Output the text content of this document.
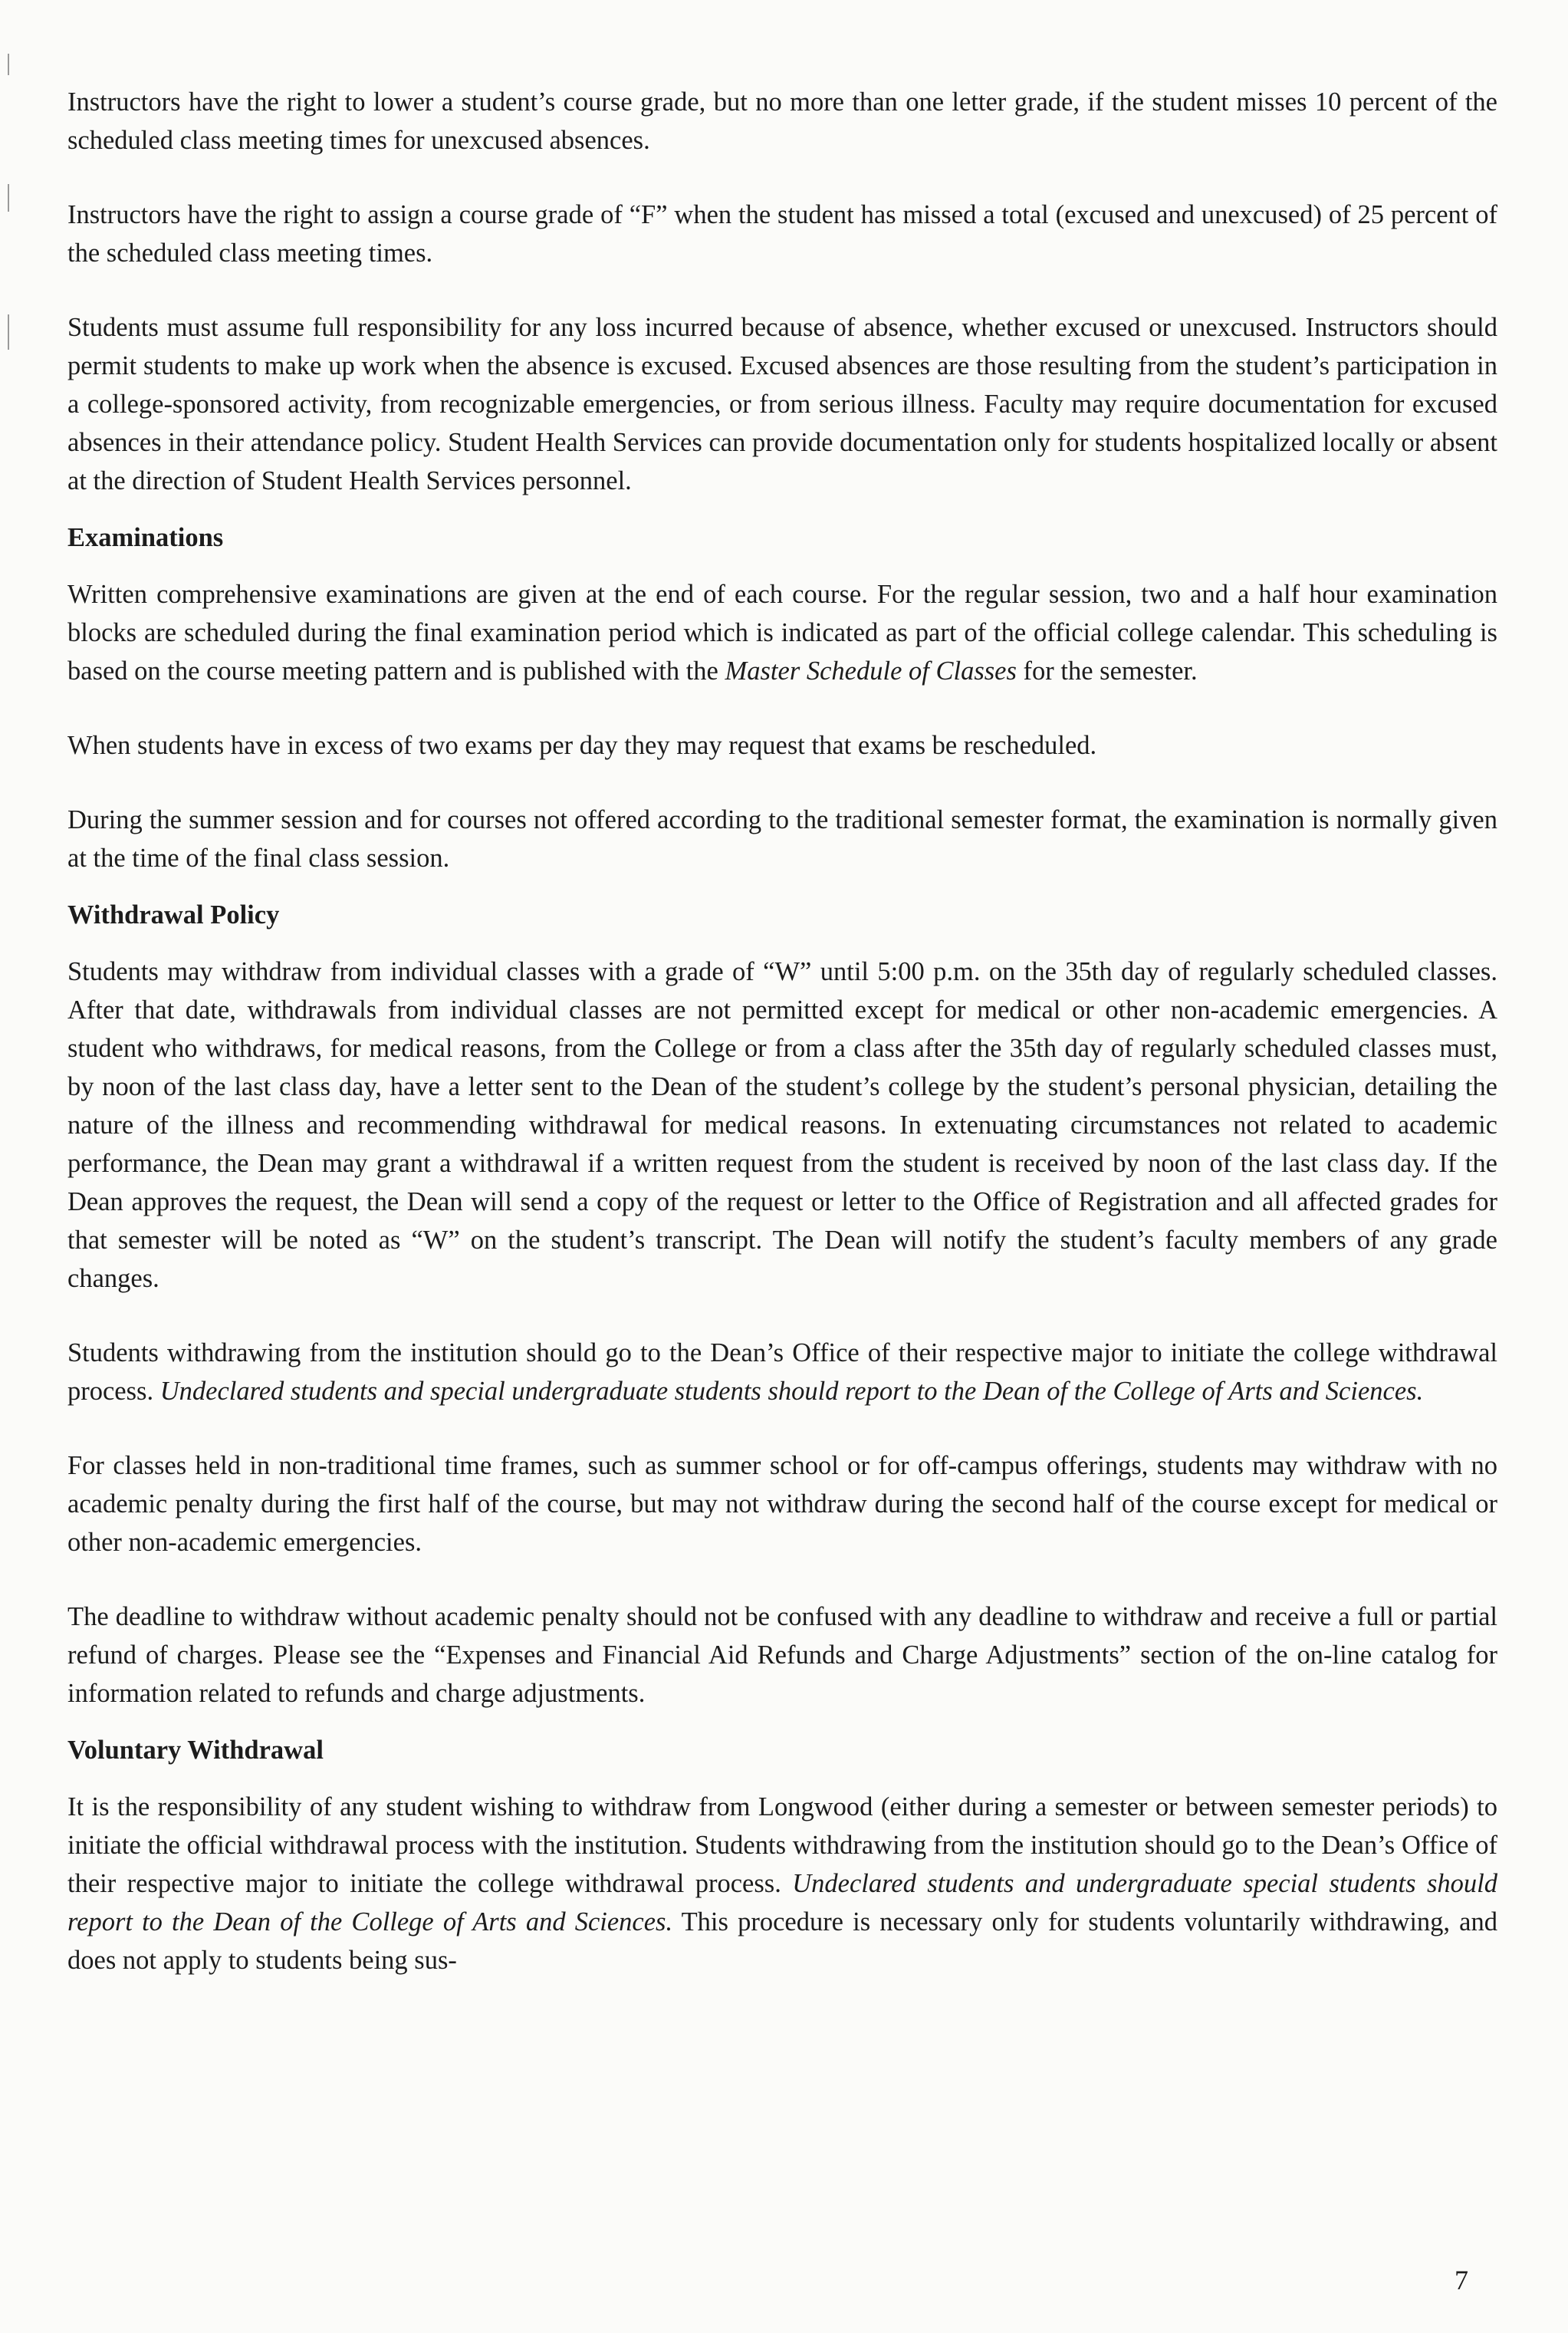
Instructors have the right to lower a student’s course grade, but no more than one letter grade, if the student misses 10 percent of the scheduled class meeting times for unexcused absences.

Instructors have the right to assign a course grade of “F” when the student has missed a total (excused and unexcused) of 25 percent of the scheduled class meeting times.

Students must assume full responsibility for any loss incurred because of absence, whether excused or unexcused. Instructors should permit students to make up work when the absence is excused. Excused absences are those resulting from the student’s participation in a college-sponsored activity, from recognizable emergencies, or from serious illness. Faculty may require documentation for excused absences in their attendance policy. Student Health Services can provide documentation only for students hospitalized locally or absent at the direction of Student Health Services personnel.

Examinations

Written comprehensive examinations are given at the end of each course. For the regular session, two and a half hour examination blocks are scheduled during the final examination period which is indicated as part of the official college calendar. This scheduling is based on the course meeting pattern and is published with the Master Schedule of Classes for the semester.

When students have in excess of two exams per day they may request that exams be rescheduled.

During the summer session and for courses not offered according to the traditional semester format, the examination is normally given at the time of the final class session.

Withdrawal Policy

Students may withdraw from individual classes with a grade of “W” until 5:00 p.m. on the 35th day of regularly scheduled classes. After that date, withdrawals from individual classes are not permitted except for medical or other non-academic emergencies. A student who withdraws, for medical reasons, from the College or from a class after the 35th day of regularly scheduled classes must, by noon of the last class day, have a letter sent to the Dean of the student’s college by the student’s personal physician, detailing the nature of the illness and recommending withdrawal for medical reasons. In extenuating circumstances not related to academic performance, the Dean may grant a withdrawal if a written request from the student is received by noon of the last class day. If the Dean approves the request, the Dean will send a copy of the request or letter to the Office of Registration and all affected grades for that semester will be noted as “W” on the student’s transcript. The Dean will notify the student’s faculty members of any grade changes.

Students withdrawing from the institution should go to the Dean’s Office of their respective major to initiate the college withdrawal process. Undeclared students and special undergraduate students should report to the Dean of the College of Arts and Sciences.

For classes held in non-traditional time frames, such as summer school or for off-campus offerings, students may withdraw with no academic penalty during the first half of the course, but may not withdraw during the second half of the course except for medical or other non-academic emergencies.

The deadline to withdraw without academic penalty should not be confused with any deadline to withdraw and receive a full or partial refund of charges. Please see the “Expenses and Financial Aid Refunds and Charge Adjustments” section of the on-line catalog for information related to refunds and charge adjustments.

Voluntary Withdrawal

It is the responsibility of any student wishing to withdraw from Longwood (either during a semester or between semester periods) to initiate the official withdrawal process with the institution. Students withdrawing from the institution should go to the Dean’s Office of their respective major to initiate the college withdrawal process. Undeclared students and undergraduate special students should report to the Dean of the College of Arts and Sciences. This procedure is necessary only for students voluntarily withdrawing, and does not apply to students being sus-

7
